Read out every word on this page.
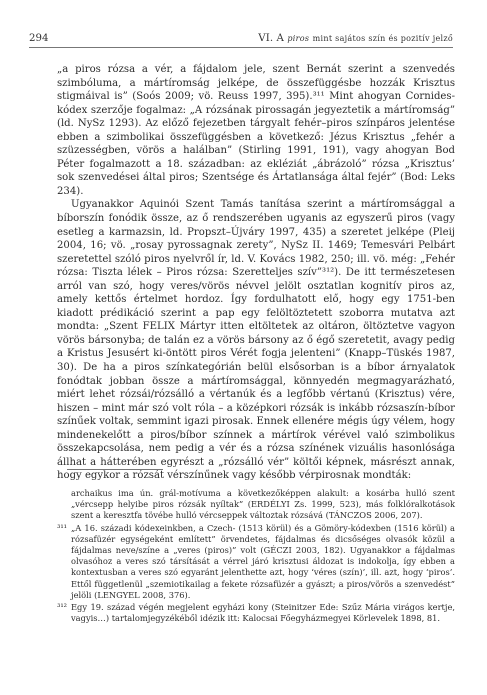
294	VI. A piros mint sajátos szín és pozitív jelző

„a piros rózsa a vér, a fájdalom jele, szent Bernát szerint a szenvedés szimbóluma, a mártíromság jelképe, de összefüggésbe hozzák Krisztus stigmáival is” (Soós 2009; vö. Reuss 1997, 395).³¹¹ Mint ahogyan Cornides-kódex szerzője fogalmaz: „A rózsának pirossagán jegyeztetik a mártíromság” (ld. NySz 1293). Az előző fejezetben tárgyalt fehér–piros színpáros jelentése ebben a szimbolikai összefüggésben a következő: Jézus Krisztus „fehér a szüzességben, vörös a halálban” (Stirling 1991, 191), vagy ahogyan Bod Péter fogalmazott a 18. században: az ekléziát „ábrázolό” rózsa „Krisztus’ sok szenvedései által piros; Szentsége és Ártatlansága által fejér” (Bod: Leks 234).

Ugyanakkor Aquinói Szent Tamás tanítása szerint a mártíromsággal a bíborszín fonódik össze, az ő rendszerében ugyanis az egyszerű piros (vagy esetleg a karmazsin, ld. Propszt–Újváry 1997, 435) a szeretet jelképe (Pleij 2004, 16; vö. „rosay pyrossagnak zerety”, NySz II. 1469; Temesvári Pelbárt szeretettel szóló piros nyelvről ír, ld. V. Kovács 1982, 250; ill. vö. még: „Fehér rózsa: Tiszta lélek – Piros rózsa: Szeretteljes szív”³¹²). De itt természetesen arról van szó, hogy veres/vörös névvel jelölt osztatlan kognitív piros az, amely kettős értelmet hordoz. Így fordulhatott elő, hogy egy 1751-ben kiadott prédikáció szerint a pap egy felöltöztetett szoborra mutatva azt mondta: „Szent FELIX Mártyr itten eltöltetek az oltáron, öltöztetve vagyon vörös bársonyba; de talán ez a vörös bársony az ő égő szeretetit, avagy pedig a Kristus Jesusért ki-öntött piros Vérét fogja jelenteni” (Knapp–Tüskés 1987, 30). De ha a piros színkategórián belül elsősorban is a bíbor árnyalatok fonódtak jobban össze a mártíromsággal, könnyedén megmagyarázható, miért lehet rózsái/rózsálló a vértanúk és a legfőbb vértanú (Krisztus) vére, hiszen – mint már szó volt róla – a középkori rózsák is inkább rózsaszín-bíbor színűek voltak, semmint igazi pirosak. Ennek ellenére mégis úgy vélem, hogy mindenekelőtt a piros/bíbor színnek a mártírok vérével való szimbolikus összekapcsolása, nem pedig a vér és a rózsa színének vizuális hasonlósága állhat a hátterében egyrészt a „rózsálló vér” költői képnek, másrészt annak, hogy egykor a rózsát vérszínűnek vagy később vérpirosnak mondták:

archaikus ima ún. grál-motívuma a következőképpen alakult: a kosárba hulló szent „vércsepp helyibe piros rózsák nyíltak” (ERDÉLYI Zs. 1999, 523), más folklóralkotások szent a keresztfa tövébe hulló vércseppek változtak rózsává (TÁNCZOS 2006, 207).
³¹¹ „A 16. századi kódexeinkben, a Czech- (1513 körül) és a Gömöry-kódexben (1516 körül) a rózsafüzér egységeként említett” örvendetes, fájdalmas és dicsőséges olvasók közül a fájdalmas neve/színe a „veres (piros)” volt (GÉCZI 2003, 182). Ugyanakkor a fájdalmas olvasóhoz a veres szó társítását a vérrel járó krisztusi áldozat is indokolja, így ebben a kontextusban a veres szó egyaránt jelenthette azt, hogy ‘véres (szín)’, ill. azt, hogy ‘piros’. Ettől függetlenül „szemiotikailag a fekete rózsafüzér a gyászt; a piros/vörös a szenvedést” jelöli (LENGYEL 2008, 376).
³¹² Egy 19. század végén megjelent egyházi kony (Steinitzer Ede: Szűz Mária virágos kertje, vagyis…) tartalomjegyzékéből idézik itt: Kalocsai Főegyházmegyei Körlevelek 1898, 81.
